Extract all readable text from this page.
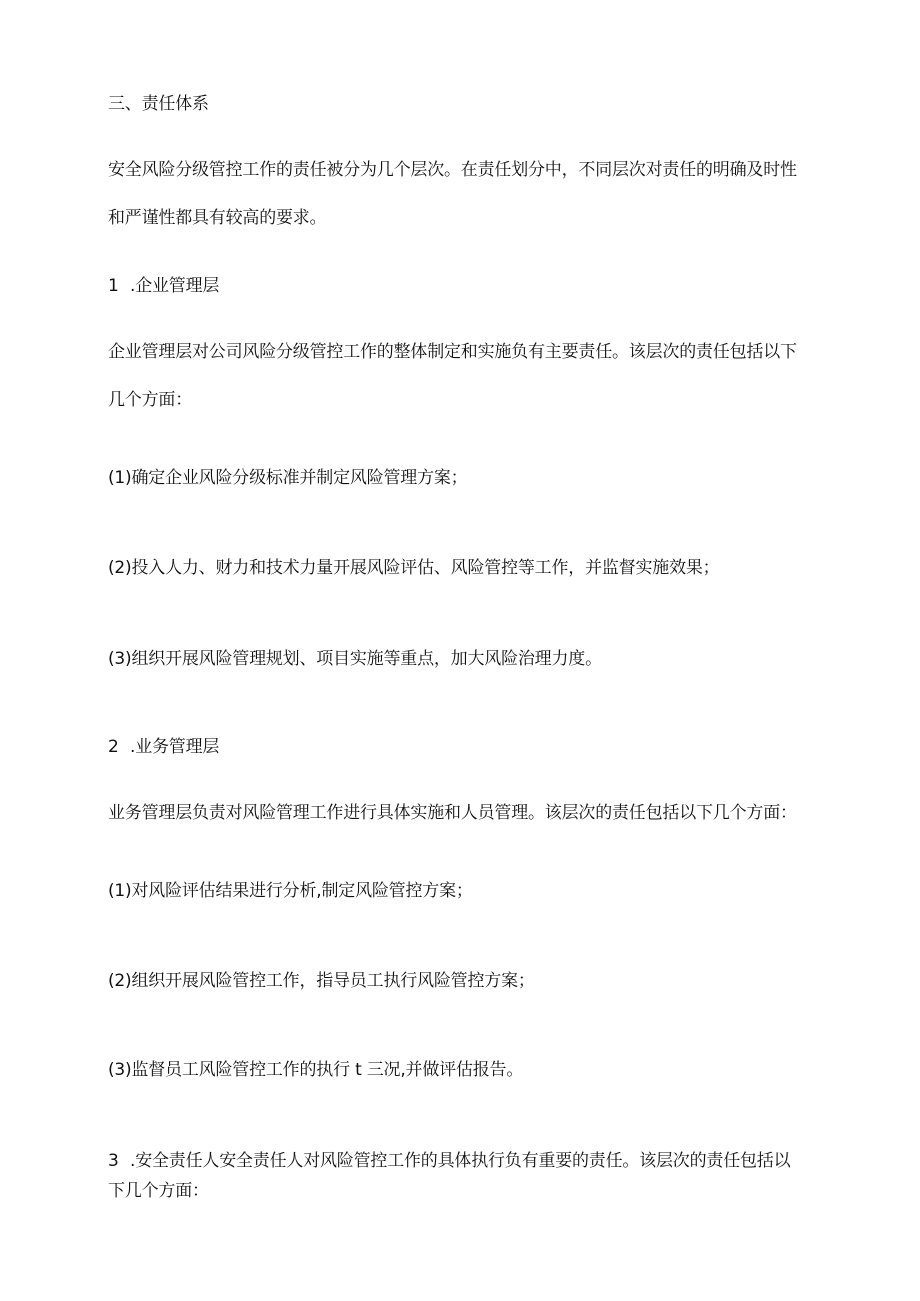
三、责任体系
安全风险分级管控工作的责任被分为几个层次。在责任划分中，不同层次对责任的明确及时性
和严谨性都具有较高的要求。
1 .企业管理层
企业管理层对公司风险分级管控工作的整体制定和实施负有主要责任。该层次的责任包括以下
几个方面：
(1)确定企业风险分级标准并制定风险管理方案；
(2)投入人力、财力和技术力量开展风险评估、风险管控等工作，并监督实施效果；
(3)组织开展风险管理规划、项目实施等重点，加大风险治理力度。
2 .业务管理层
业务管理层负责对风险管理工作进行具体实施和人员管理。该层次的责任包括以下几个方面：
(1)对风险评估结果进行分析,制定风险管控方案；
(2)组织开展风险管控工作，指导员工执行风险管控方案；
(3)监督员工风险管控工作的执行 t 三况,并做评估报告。
3 .安全责任人安全责任人对风险管控工作的具体执行负有重要的责任。该层次的责任包括以
下几个方面：
